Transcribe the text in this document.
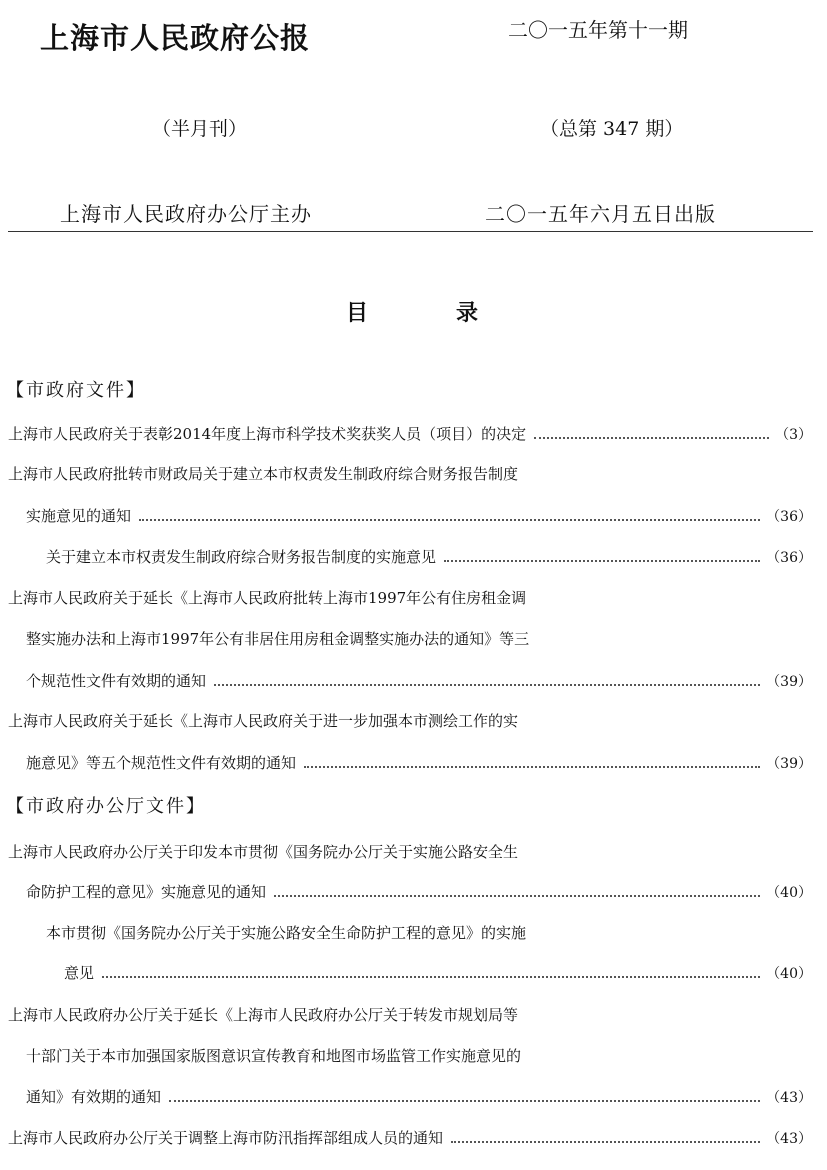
上海市人民政府公报	二〇一五年第十一期
（半月刊）	（总第 347 期）
上海市人民政府办公厅主办	二〇一五年六月五日出版
目	录
【市政府文件】
上海市人民政府关于表彰2014年度上海市科学技术奖获奖人员（项目）的决定	（3）
上海市人民政府批转市财政局关于建立本市权责发生制政府综合财务报告制度
实施意见的通知	（36）
关于建立本市权责发生制政府综合财务报告制度的实施意见	（36）
上海市人民政府关于延长《上海市人民政府批转上海市1997年公有住房租金调
整实施办法和上海市1997年公有非居住用房租金调整实施办法的通知》等三
个规范性文件有效期的通知	（39）
上海市人民政府关于延长《上海市人民政府关于进一步加强本市测绘工作的实
施意见》等五个规范性文件有效期的通知	（39）
【市政府办公厅文件】
上海市人民政府办公厅关于印发本市贯彻《国务院办公厅关于实施公路安全生
命防护工程的意见》实施意见的通知	（40）
本市贯彻《国务院办公厅关于实施公路安全生命防护工程的意见》的实施
意见	（40）
上海市人民政府办公厅关于延长《上海市人民政府办公厅关于转发市规划局等
十部门关于本市加强国家版图意识宣传教育和地图市场监管工作实施意见的
通知》有效期的通知	（43）
上海市人民政府办公厅关于调整上海市防汛指挥部组成人员的通知	（43）
